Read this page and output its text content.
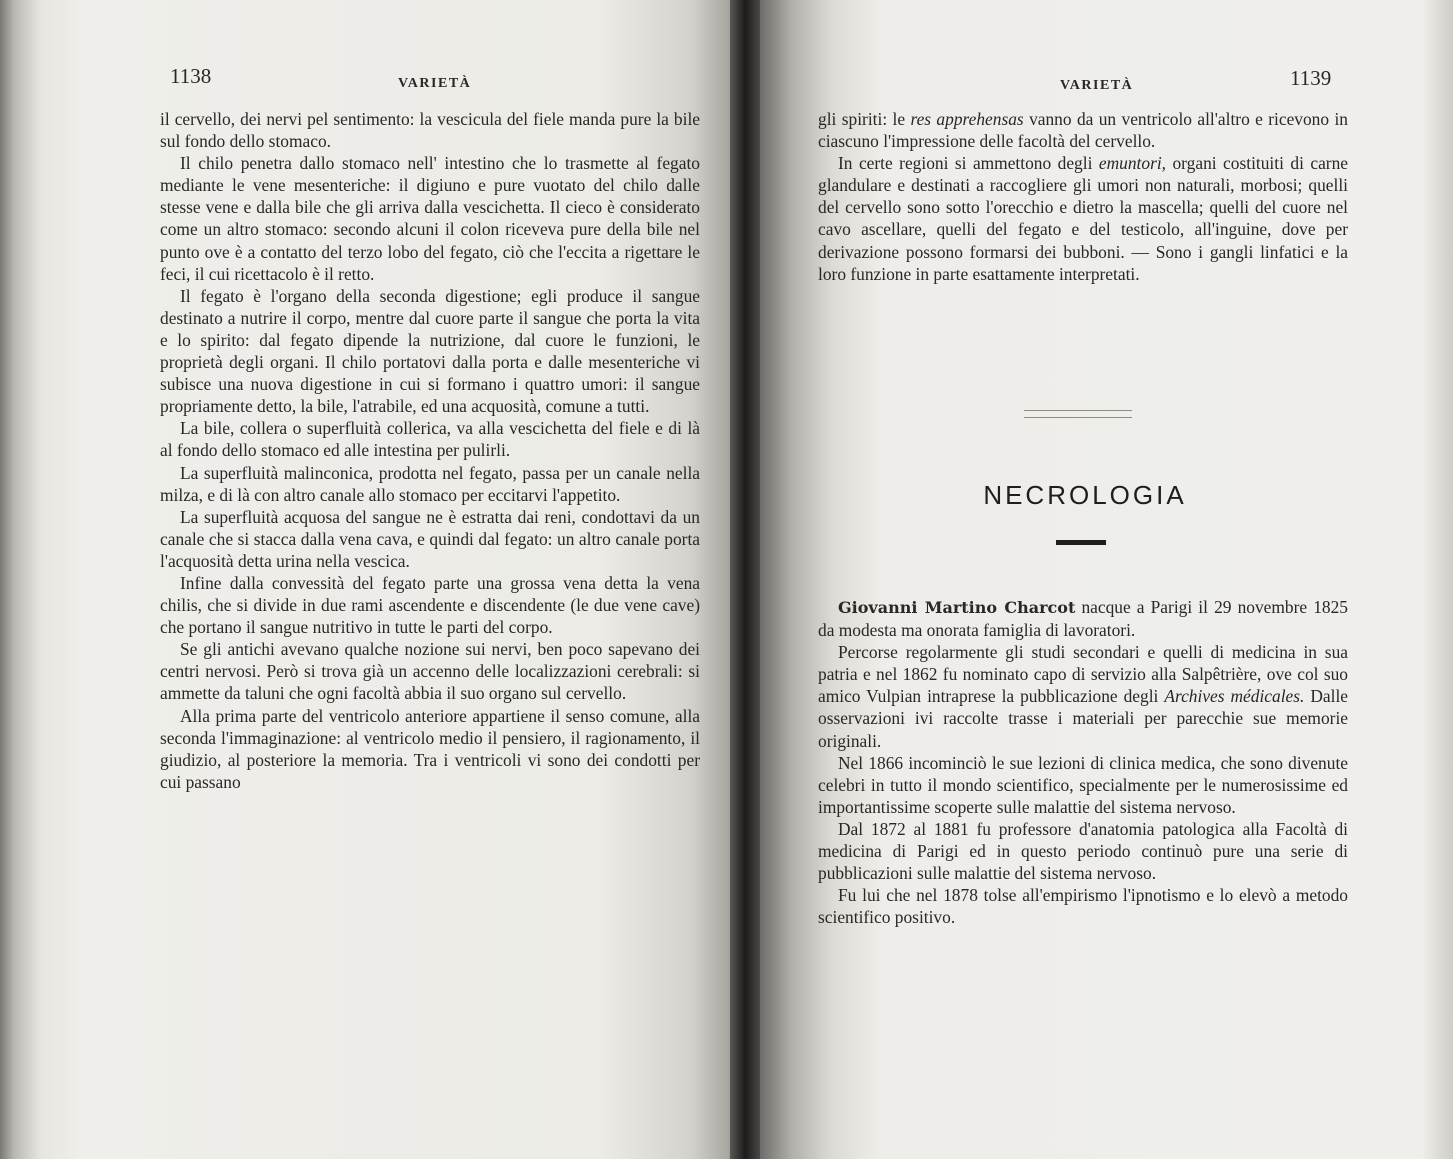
1138	VARIETÀ

il cervello, dei nervi pel sentimento: la vescicula del fiele manda pure la bile sul fondo dello stomaco.

Il chilo penetra dallo stomaco nell' intestino che lo trasmette al fegato mediante le vene mesenteriche: il digiuno e pure vuotato del chilo dalle stesse vene e dalla bile che gli arriva dalla vescichetta. Il cieco è considerato come un altro stomaco: secondo alcuni il colon riceveva pure della bile nel punto ove è a contatto del terzo lobo del fegato, ciò che l'eccita a rigettare le feci, il cui ricettacolo è il retto.

Il fegato è l'organo della seconda digestione; egli produce il sangue destinato a nutrire il corpo, mentre dal cuore parte il sangue che porta la vita e lo spirito: dal fegato dipende la nutrizione, dal cuore le funzioni, le proprietà degli organi. Il chilo portatovi dalla porta e dalle mesenteriche vi subisce una nuova digestione in cui si formano i quattro umori: il sangue propriamente detto, la bile, l'atrabile, ed una acquosità, comune a tutti.

La bile, collera o superfluità collerica, va alla vescichetta del fiele e di là al fondo dello stomaco ed alle intestina per pulirli.

La superfluità malinconica, prodotta nel fegato, passa per un canale nella milza, e di là con altro canale allo stomaco per eccitarvi l'appetito.

La superfluità acquosa del sangue ne è estratta dai reni, condottavi da un canale che si stacca dalla vena cava, e quindi dal fegato: un altro canale porta l'acquosità detta urina nella vescica.

Infine dalla convessità del fegato parte una grossa vena detta la vena chilis, che si divide in due rami ascendente e discendente (le due vene cave) che portano il sangue nutritivo in tutte le parti del corpo.

Se gli antichi avevano qualche nozione sui nervi, ben poco sapevano dei centri nervosi. Però si trova già un accenno delle localizzazioni cerebrali: si ammette da taluni che ogni facoltà abbia il suo organo sul cervello.

Alla prima parte del ventricolo anteriore appartiene il senso comune, alla seconda l'immaginazione: al ventricolo medio il pensiero, il ragionamento, il giudizio, al posteriore la memoria. Tra i ventricoli vi sono dei condotti per cui passano

VARIETÀ	1139

gli spiriti: le res apprehensas vanno da un ventricolo all'altro e ricevono in ciascuno l'impressione delle facoltà del cervello.

In certe regioni si ammettono degli emuntori, organi costituiti di carne glandulare e destinati a raccogliere gli umori non naturali, morbosi; quelli del cervello sono sotto l'orecchio e dietro la mascella; quelli del cuore nel cavo ascellare, quelli del fegato e del testicolo, all'inguine, dove per derivazione possono formarsi dei bubboni. — Sono i gangli linfatici e la loro funzione in parte esattamente interpretati.

Giovanni Martino Charcot nacque a Parigi il 29 novembre 1825 da modesta ma onorata famiglia di lavoratori.

Percorse regolarmente gli studi secondari e quelli di medicina in sua patria e nel 1862 fu nominato capo di servizio alla Salpêtrière, ove col suo amico Vulpian intraprese la pubblicazione degli Archives médicales. Dalle osservazioni ivi raccolte trasse i materiali per parecchie sue memorie originali.

Nel 1866 incominciò le sue lezioni di clinica medica, che sono divenute celebri in tutto il mondo scientifico, specialmente per le numerosissime ed importantissime scoperte sulle malattie del sistema nervoso.

Dal 1872 al 1881 fu professore d'anatomia patologica alla Facoltà di medicina di Parigi ed in questo periodo continuò pure una serie di pubblicazioni sulle malattie del sistema nervoso.

Fu lui che nel 1878 tolse all'empirismo l'ipnotismo e lo elevò a metodo scientifico positivo.

NECROLOGIA
